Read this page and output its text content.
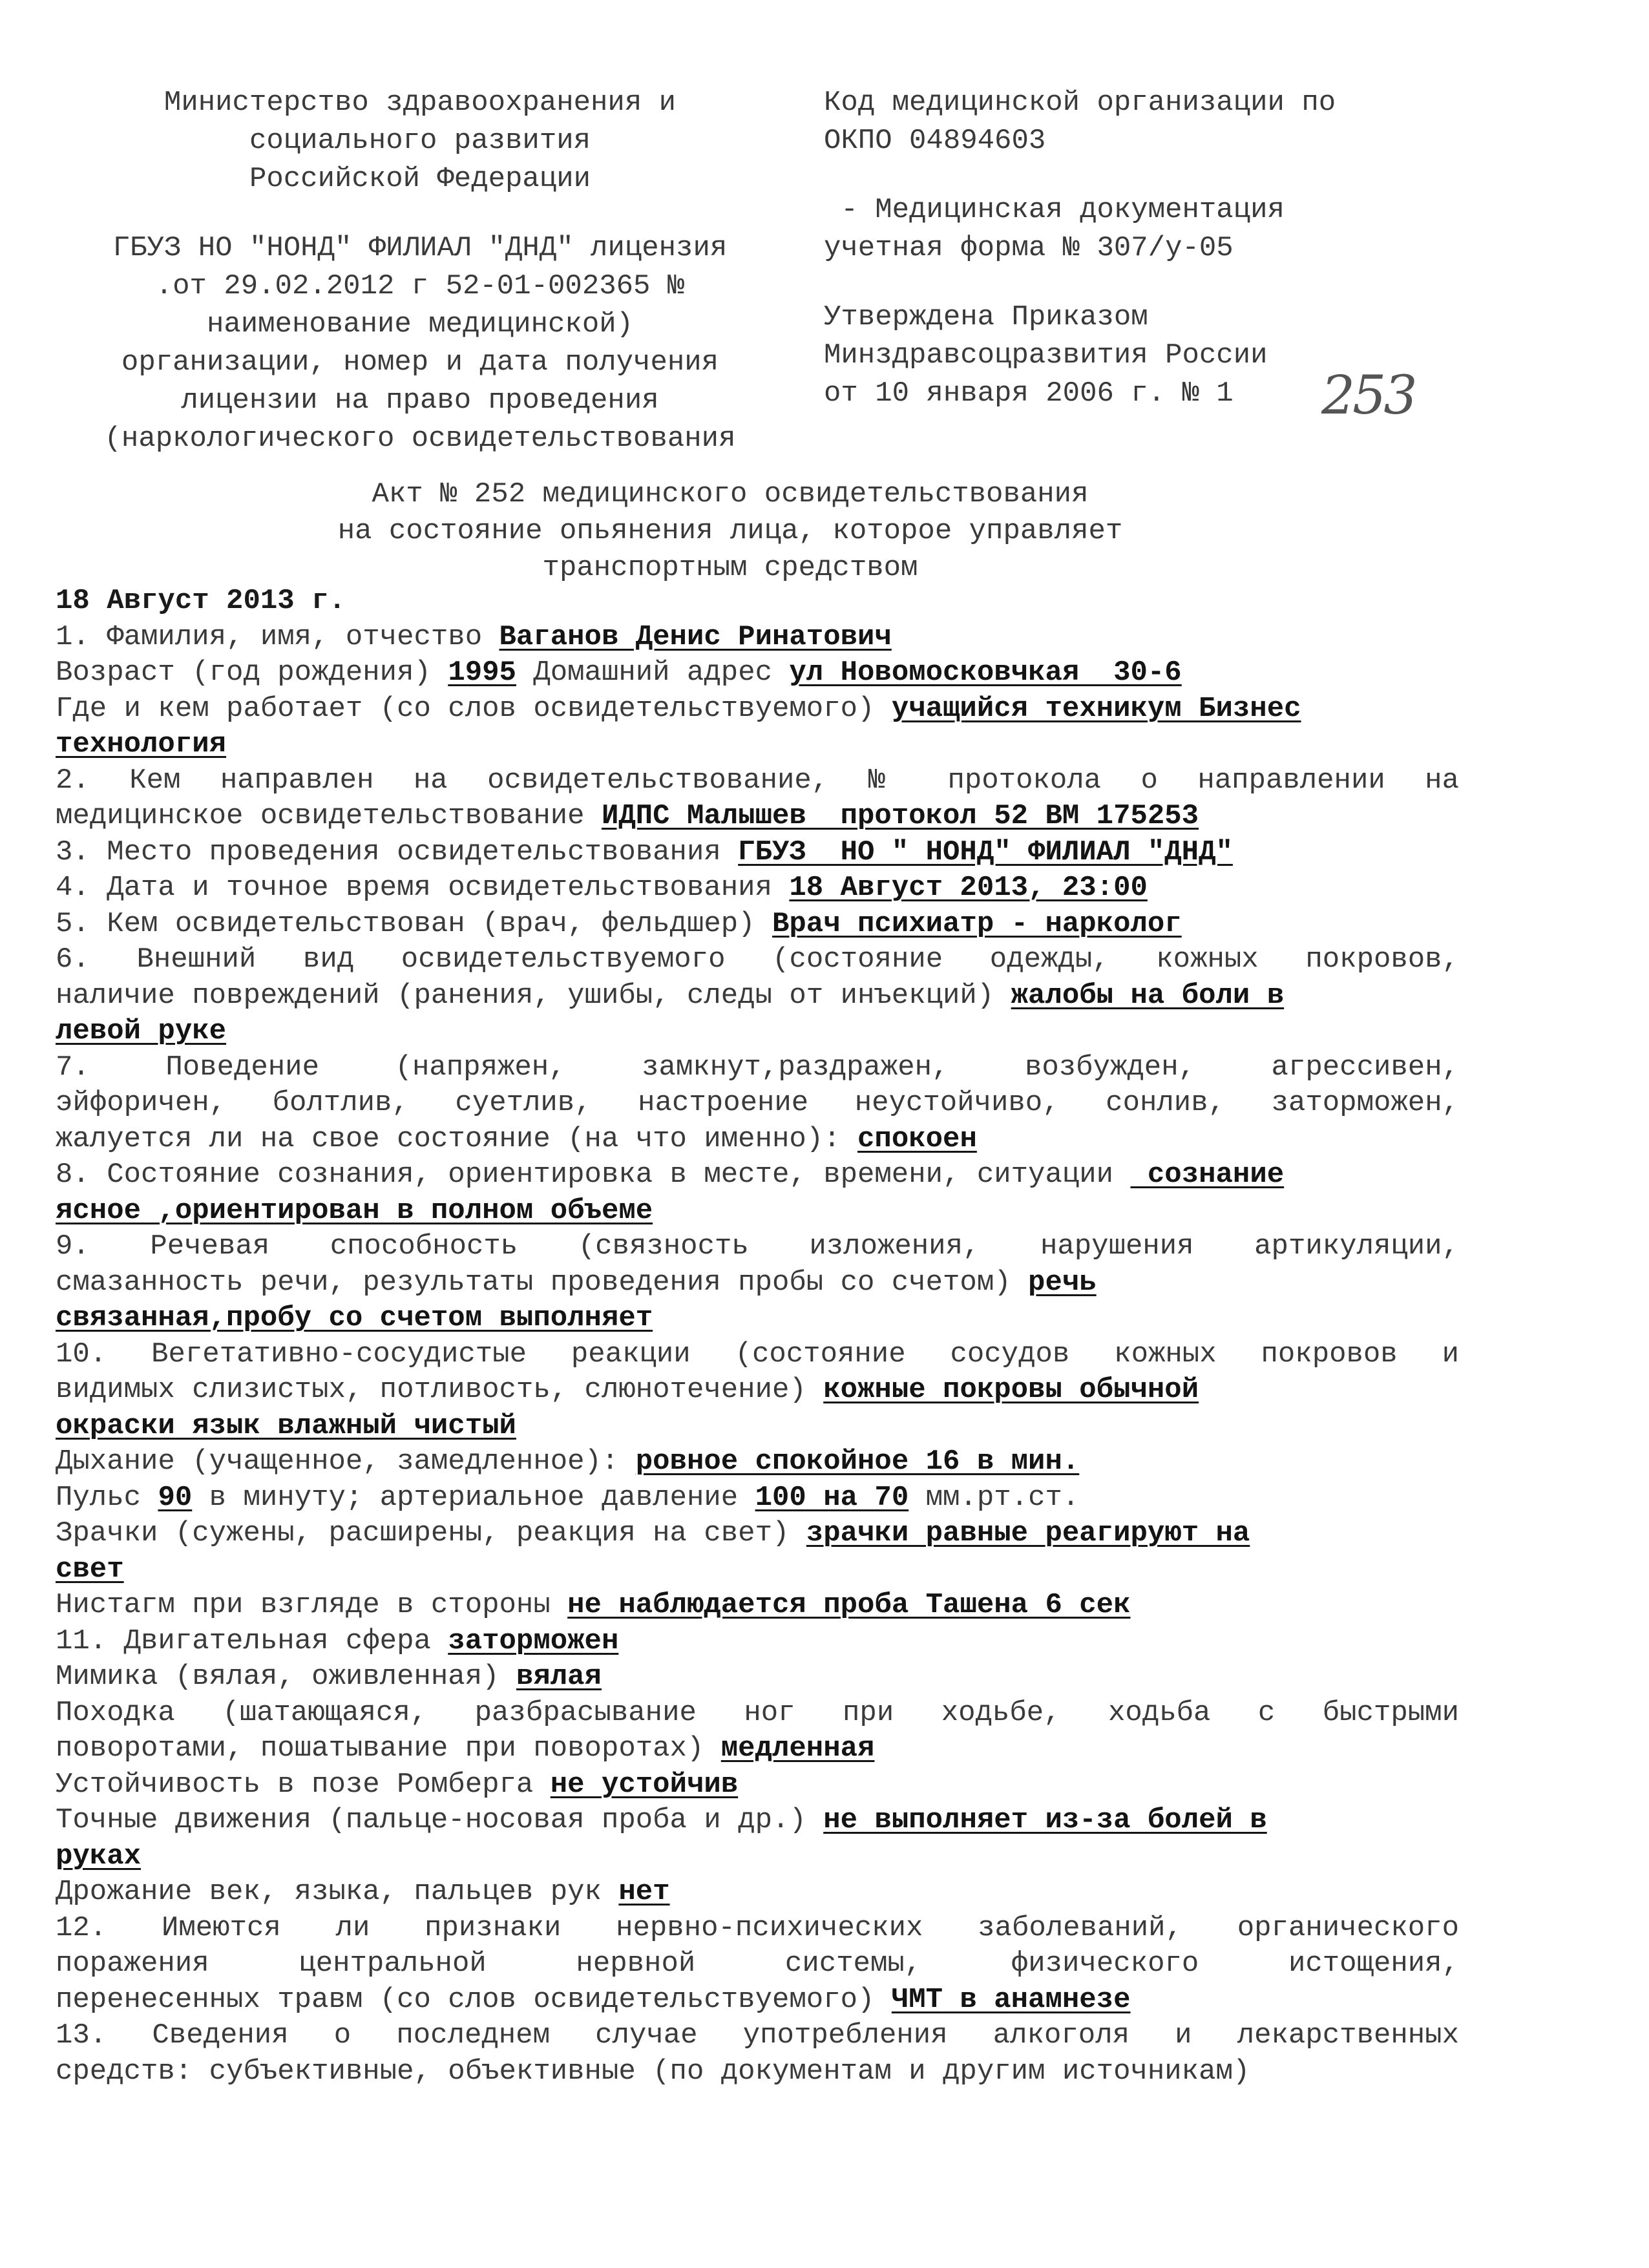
Министерство здравоохранения и
социального развития
Российской Федерации
ГБУЗ НО "НОНД" ФИЛИАЛ "ДНД" лицензия
.от 29.02.2012 г 52-01-002365 №
наименование медицинской)
организации, номер и дата получения
лицензии на право проведения
(наркологического освидетельствования
Код медицинской организации по
ОКПО 04894603
- Медицинская документация
учетная форма № 307/у-05
Утверждена Приказом
Минздравсоцразвития России
от 10 января 2006 г. № 1	253
Акт № 252 медицинского освидетельствования
на состояние опьянения лица, которое управляет
транспортным средством
18 Август 2013 г.
1. Фамилия, имя, отчество Ваганов Денис Ринатович
Возраст (год рождения) 1995 Домашний адрес ул Новомосковчкая  30-6
Где и кем работает (со слов освидетельствуемого) учащийся техникум Бизнес
технология
2. Кем направлен на освидетельствование, № протокола о направлении на
медицинское освидетельствование ИДПС Малышев  протокол 52 ВМ 175253
3. Место проведения освидетельствования ГБУЗ  НО " НОНД" ФИЛИАЛ "ДНД"
4. Дата и точное время освидетельствования 18 Август 2013, 23:00
5. Кем освидетельствован (врач, фельдшер) Врач психиатр - нарколог
6. Внешний вид освидетельствуемого (состояние одежды, кожных покровов,
наличие повреждений (ранения, ушибы, следы от инъекций) жалобы на боли в
левой руке
7. Поведение (напряжен, замкнут,раздражен, возбужден, агрессивен,
эйфоричен, болтлив, суетлив, настроение неустойчиво, сонлив, заторможен,
жалуется ли на свое состояние (на что именно): спокоен
8. Состояние сознания, ориентировка в месте, времени, ситуации  сознание
ясное ,ориентирован в полном объеме
9. Речевая способность (связность изложения, нарушения артикуляции,
смазанность речи, результаты проведения пробы со счетом) речь
связанная,пробу со счетом выполняет
10. Вегетативно-сосудистые реакции (состояние сосудов кожных покровов и
видимых слизистых, потливость, слюнотечение) кожные покровы обычной
окраски язык влажный чистый
Дыхание (учащенное, замедленное): ровное спокойное 16 в мин.
Пульс 90 в минуту; артериальное давление 100 на 70 мм.рт.ст.
Зрачки (сужены, расширены, реакция на свет) зрачки равные реагируют на
свет
Нистагм при взгляде в стороны не наблюдается проба Ташена 6 сек
11. Двигательная сфера заторможен
Мимика (вялая, оживленная) вялая
Походка (шатающаяся, разбрасывание ног при ходьбе, ходьба с быстрыми
поворотами, пошатывание при поворотах) медленная
Устойчивость в позе Ромберга не устойчив
Точные движения (пальце-носовая проба и др.) не выполняет из-за болей в
руках
Дрожание век, языка, пальцев рук нет
12. Имеются ли признаки нервно-психических заболеваний, органического
поражения центральной нервной системы, физического истощения,
перенесенных травм (со слов освидетельствуемого) ЧМТ в анамнезе
13. Сведения о последнем случае употребления алкоголя и лекарственных
средств: субъективные, объективные (по документам и другим источникам)
